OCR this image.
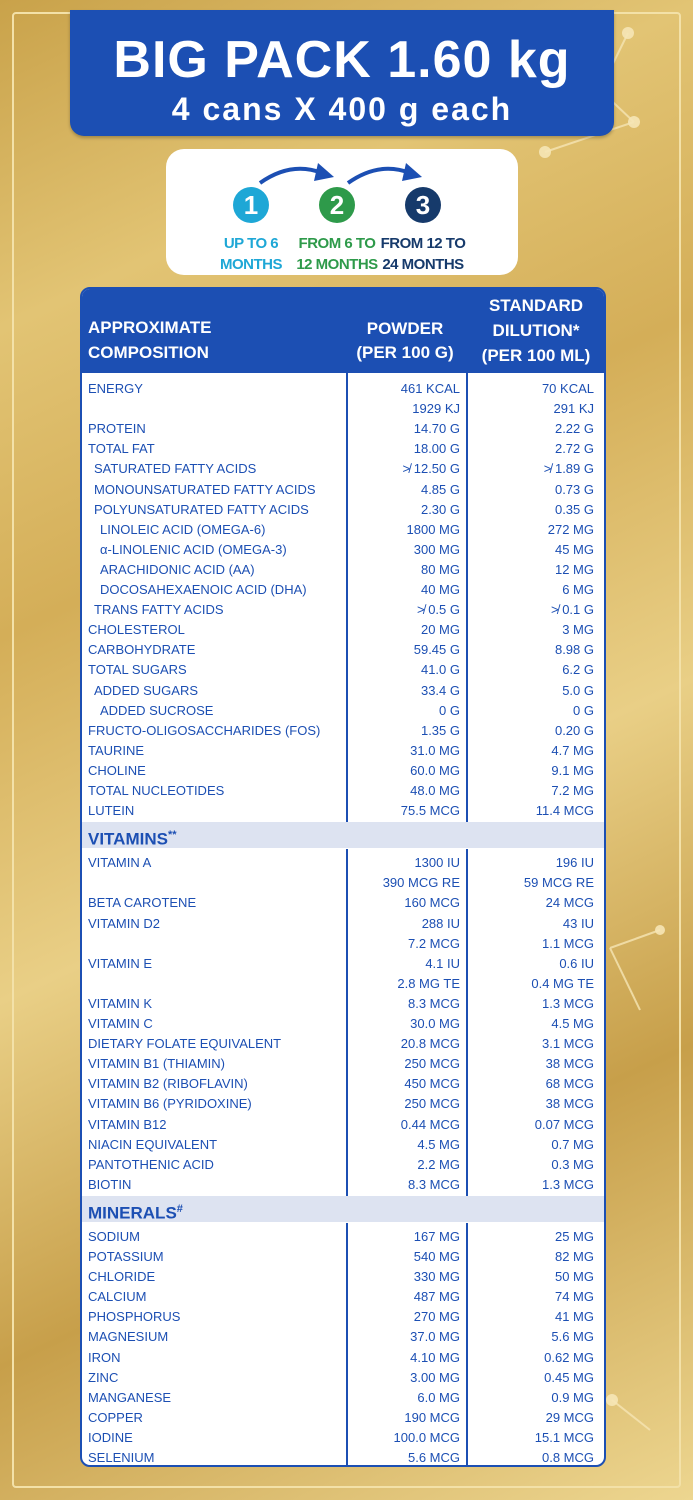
BIG PACK 1.60 kg
4 cans X 400 g each
1
UP TO 6
MONTHS
2
FROM 6 TO
12 MONTHS
3
FROM 12 TO
24 MONTHS
APPROXIMATE
COMPOSITION
POWDER
(PER 100 G)
STANDARD
DILUTION*
(PER 100 ML)
ENERGY	461 KCAL	70 KCAL
1929 KJ	291 KJ
PROTEIN	14.70 G	2.22 G
TOTAL FAT	18.00 G	2.72 G
SATURATED FATTY ACIDS	≯ 12.50 G	≯ 1.89 G
MONOUNSATURATED FATTY ACIDS	4.85 G	0.73 G
POLYUNSATURATED FATTY ACIDS	2.30 G	0.35 G
LINOLEIC ACID (OMEGA-6)	1800 MG	272 MG
α-LINOLENIC ACID (OMEGA-3)	300 MG	45 MG
ARACHIDONIC ACID (AA)	80 MG	12 MG
DOCOSAHEXAENOIC ACID (DHA)	40 MG	6 MG
TRANS FATTY ACIDS	≯ 0.5 G	≯ 0.1 G
CHOLESTEROL	20 MG	3 MG
CARBOHYDRATE	59.45 G	8.98 G
TOTAL SUGARS	41.0 G	6.2 G
ADDED SUGARS	33.4 G	5.0 G
ADDED SUCROSE	0 G	0 G
FRUCTO-OLIGOSACCHARIDES (FOS)	1.35 G	0.20 G
TAURINE	31.0 MG	4.7 MG
CHOLINE	60.0 MG	9.1 MG
TOTAL NUCLEOTIDES	48.0 MG	7.2 MG
LUTEIN	75.5 MCG	11.4 MCG
VITAMINS**
VITAMIN A	1300 IU	196 IU
390 MCG RE	59 MCG RE
BETA CAROTENE	160 MCG	24 MCG
VITAMIN D2	288 IU	43 IU
7.2 MCG	1.1 MCG
VITAMIN E	4.1 IU	0.6 IU
2.8 MG TE	0.4 MG TE
VITAMIN K	8.3 MCG	1.3 MCG
VITAMIN C	30.0 MG	4.5 MG
DIETARY FOLATE EQUIVALENT	20.8 MCG	3.1 MCG
VITAMIN B1 (THIAMIN)	250 MCG	38 MCG
VITAMIN B2 (RIBOFLAVIN)	450 MCG	68 MCG
VITAMIN B6 (PYRIDOXINE)	250 MCG	38 MCG
VITAMIN B12	0.44 MCG	0.07 MCG
NIACIN EQUIVALENT	4.5 MG	0.7 MG
PANTOTHENIC ACID	2.2 MG	0.3 MG
BIOTIN	8.3 MCG	1.3 MCG
MINERALS#
SODIUM	167 MG	25 MG
POTASSIUM	540 MG	82 MG
CHLORIDE	330 MG	50 MG
CALCIUM	487 MG	74 MG
PHOSPHORUS	270 MG	41 MG
MAGNESIUM	37.0 MG	5.6 MG
IRON	4.10 MG	0.62 MG
ZINC	3.00 MG	0.45 MG
MANGANESE	6.0 MG	0.9 MG
COPPER	190 MCG	29 MCG
IODINE	100.0 MCG	15.1 MCG
SELENIUM	5.6 MCG	0.8 MCG
